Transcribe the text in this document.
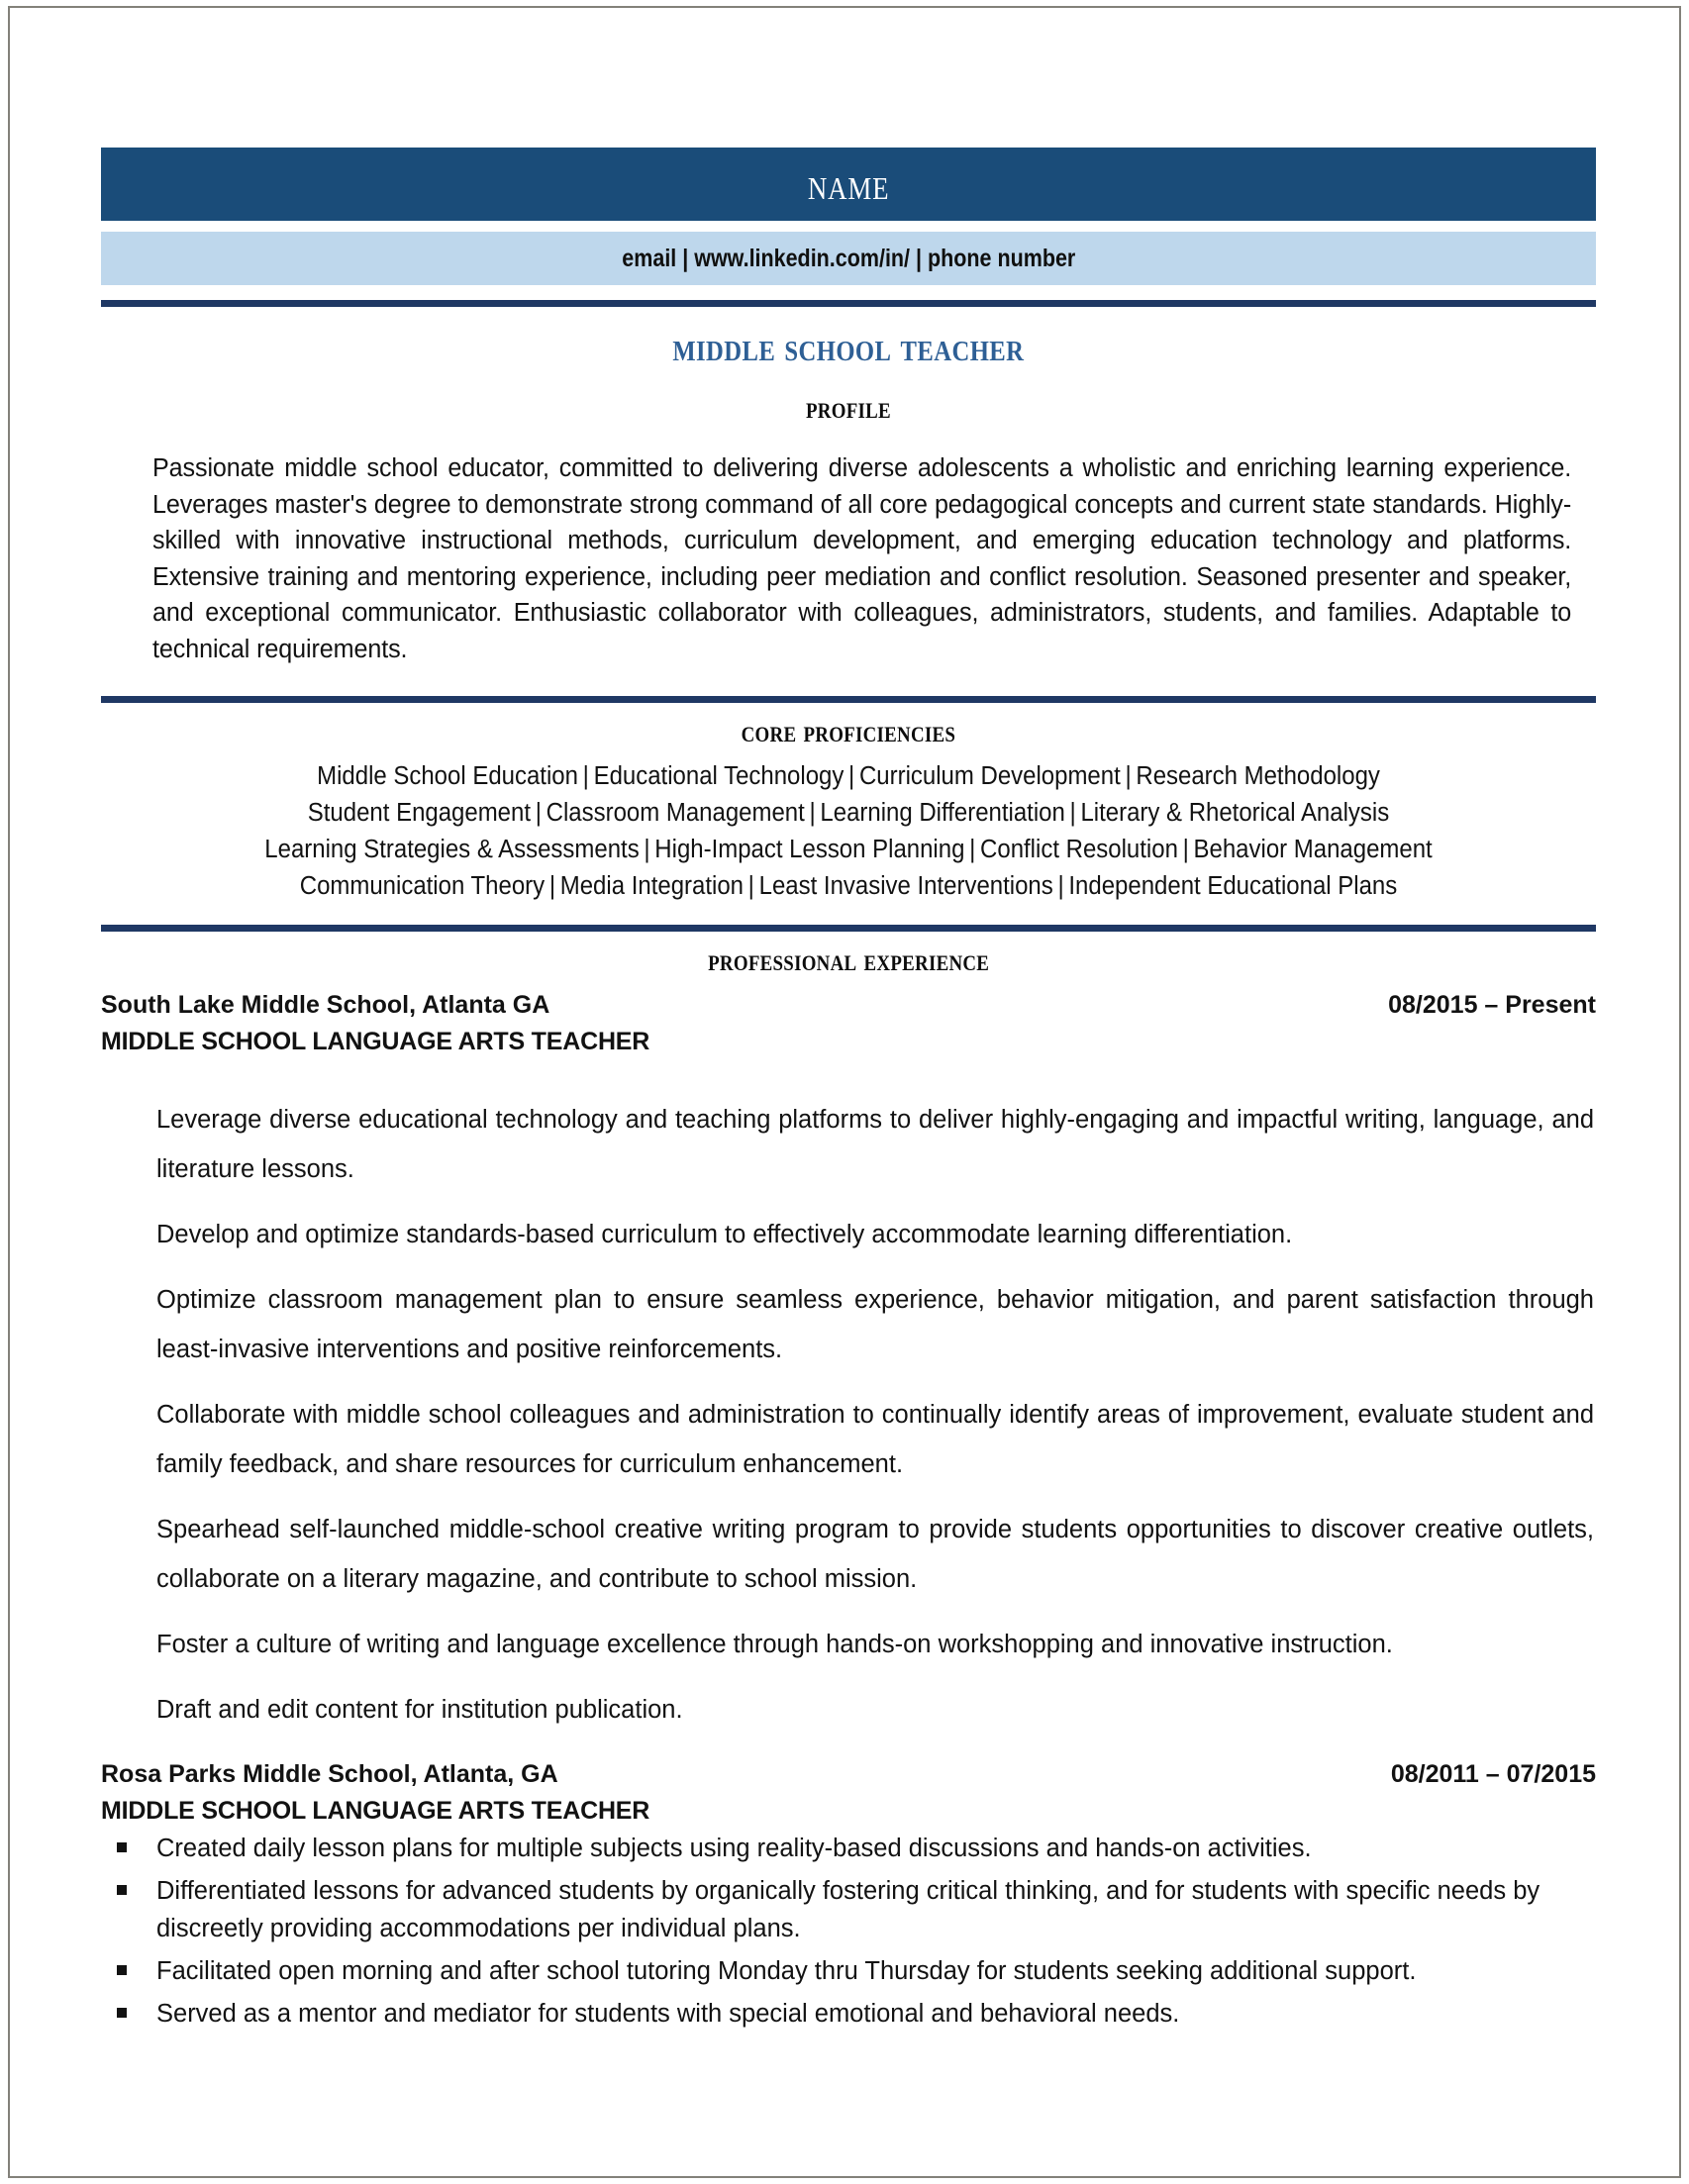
name
email | www.linkedin.com/in/ | phone number
middle school teacher
profile

Passionate middle school educator, committed to delivering diverse adolescents a wholistic and enriching learning experience. Leverages master's degree to demonstrate strong command of all core pedagogical concepts and current state standards. Highly-skilled with innovative instructional methods, curriculum development, and emerging education technology and platforms. Extensive training and mentoring experience, including peer mediation and conflict resolution. Seasoned presenter and speaker, and exceptional communicator. Enthusiastic collaborator with colleagues, administrators, students, and families. Adaptable to technical requirements.

core proficiencies
Middle School Education | Educational Technology | Curriculum Development | Research Methodology
Student Engagement | Classroom Management | Learning Differentiation | Literary & Rhetorical Analysis
Learning Strategies & Assessments | High-Impact Lesson Planning | Conflict Resolution | Behavior Management
Communication Theory | Media Integration | Least Invasive Interventions | Independent Educational Plans
professional experience
South Lake Middle School, Atlanta GA	08/2015 – Present
MIDDLE SCHOOL LANGUAGE ARTS TEACHER
Leverage diverse educational technology and teaching platforms to deliver highly-engaging and impactful writing, language, and literature lessons.
Develop and optimize standards-based curriculum to effectively accommodate learning differentiation.
Optimize classroom management plan to ensure seamless experience, behavior mitigation, and parent satisfaction through least-invasive interventions and positive reinforcements.
Collaborate with middle school colleagues and administration to continually identify areas of improvement, evaluate student and family feedback, and share resources for curriculum enhancement.
Spearhead self-launched middle-school creative writing program to provide students opportunities to discover creative outlets, collaborate on a literary magazine, and contribute to school mission.
Foster a culture of writing and language excellence through hands-on workshopping and innovative instruction.
Draft and edit content for institution publication.
Rosa Parks Middle School, Atlanta, GA	08/2011 – 07/2015
MIDDLE SCHOOL LANGUAGE ARTS TEACHER
Created daily lesson plans for multiple subjects using reality-based discussions and hands-on activities.
Differentiated lessons for advanced students by organically fostering critical thinking, and for students with specific needs by discreetly providing accommodations per individual plans.
Facilitated open morning and after school tutoring Monday thru Thursday for students seeking additional support.
Served as a mentor and mediator for students with special emotional and behavioral needs.
